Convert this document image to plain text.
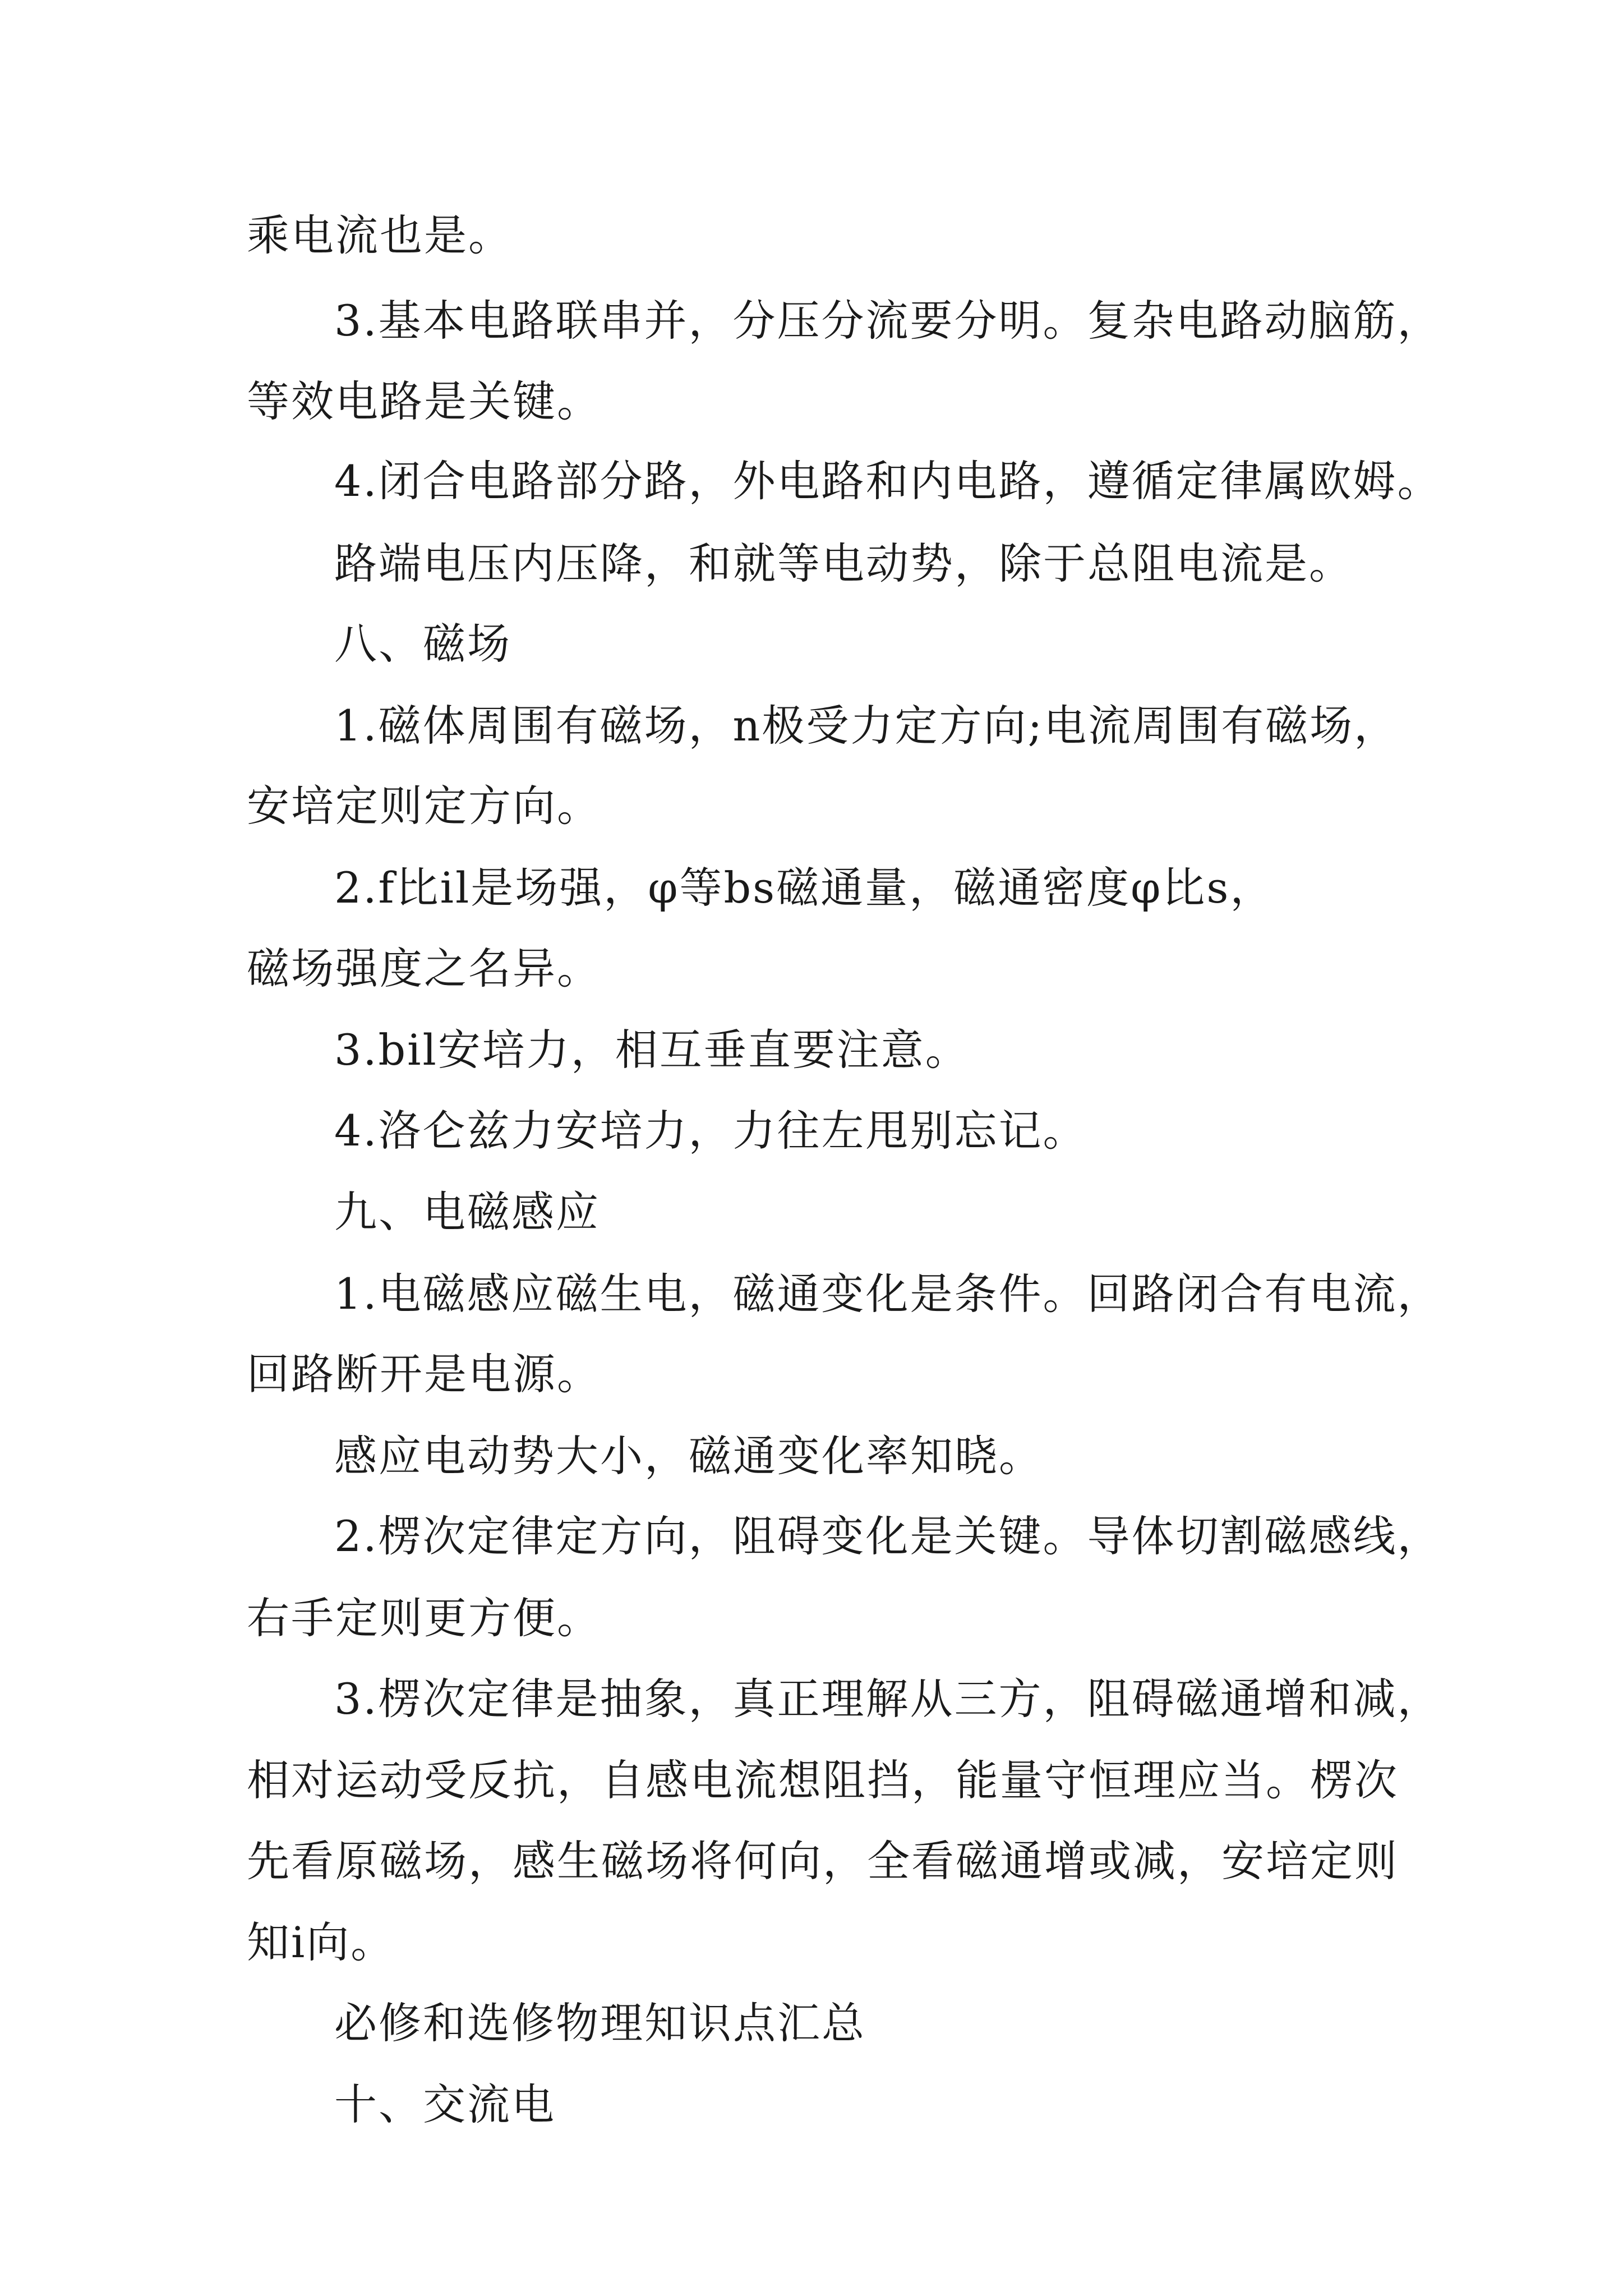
乘电流也是。
3.基本电路联串并，分压分流要分明。复杂电路动脑筋，
等效电路是关键。
4.闭合电路部分路，外电路和内电路，遵循定律属欧姆。
路端电压内压降，和就等电动势，除于总阻电流是。
八、磁场
1.磁体周围有磁场，n极受力定方向;电流周围有磁场，
安培定则定方向。
2.f比il是场强，φ等bs磁通量，磁通密度φ比s，
磁场强度之名异。
3.bil安培力，相互垂直要注意。
4.洛仑兹力安培力，力往左甩别忘记。
九、电磁感应
1.电磁感应磁生电，磁通变化是条件。回路闭合有电流，
回路断开是电源。
感应电动势大小，磁通变化率知晓。
2.楞次定律定方向，阻碍变化是关键。导体切割磁感线，
右手定则更方便。
3.楞次定律是抽象，真正理解从三方，阻碍磁通增和减，
相对运动受反抗，自感电流想阻挡，能量守恒理应当。楞次
先看原磁场，感生磁场将何向，全看磁通增或减，安培定则
知i向。
必修和选修物理知识点汇总
十、交流电
